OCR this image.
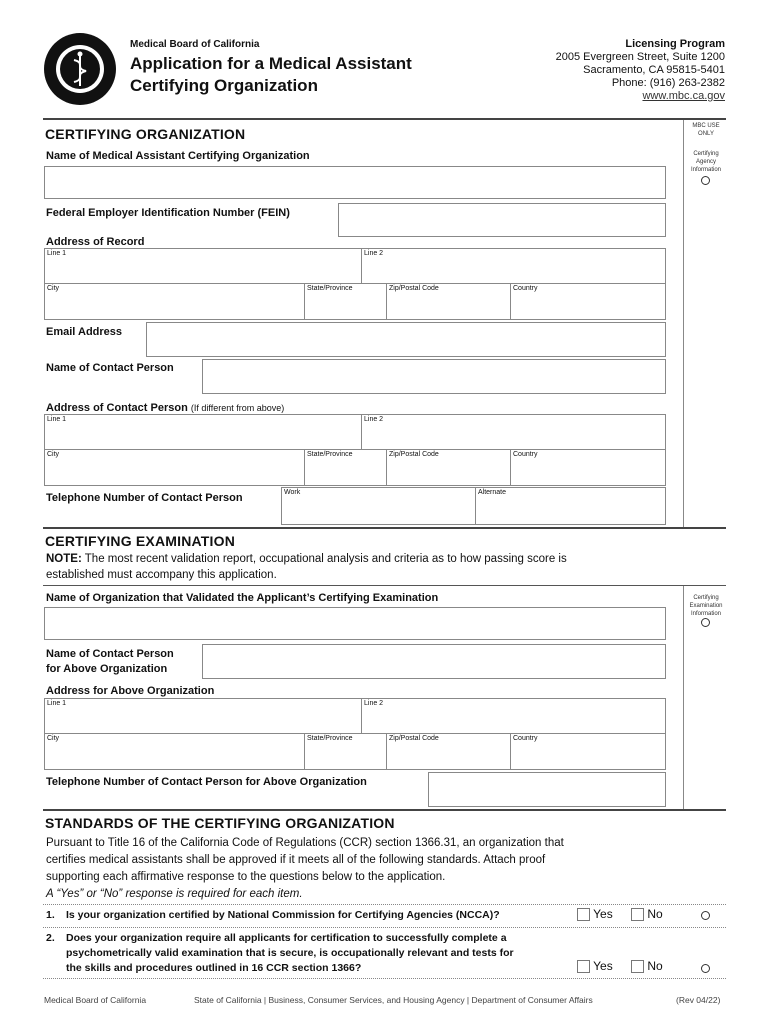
Medical Board of California
Application for a Medical Assistant
Certifying Organization
Licensing Program
2005 Evergreen Street, Suite 1200
Sacramento, CA 95815-5401
Phone: (916) 263-2382
www.mbc.ca.gov
MBC USE
ONLY
Certifying
Agency
Information
CERTIFYING ORGANIZATION
Name of Medical Assistant Certifying Organization
Federal Employer Identification Number (FEIN)
Address of Record
Line 1	Line 2
City	State/Province	Zip/Postal Code	Country
Email Address
Name of Contact Person
Address of Contact Person (If different from above)
Line 1	Line 2
City	State/Province	Zip/Postal Code	Country
Telephone Number of Contact Person	Work	Alternate
CERTIFYING EXAMINATION
NOTE: The most recent validation report, occupational analysis and criteria as to how passing score is
established must accompany this application.
Name of Organization that Validated the Applicant’s Certifying Examination	Certifying
Examination
Information
Name of Contact Person
for Above Organization
Address for Above Organization
Line 1	Line 2
City	State/Province	Zip/Postal Code	Country
Telephone Number of Contact Person for Above Organization
STANDARDS OF THE CERTIFYING ORGANIZATION
Pursuant to Title 16 of the California Code of Regulations (CCR) section 1366.31, an organization that
certifies medical assistants shall be approved if it meets all of the following standards. Attach proof
supporting each affirmative response to the questions below to the application.
A “Yes” or “No” response is required for each item.
1. Is your organization certified by National Commission for Certifying Agencies (NCCA)?	Yes	No
2. Does your organization require all applicants for certification to successfully complete a
psychometrically valid examination that is secure, is occupationally relevant and tests for
the skills and procedures outlined in 16 CCR section 1366?	Yes	No
Medical Board of California	State of California | Business, Consumer Services, and Housing Agency | Department of Consumer Affairs	(Rev 04/22)
